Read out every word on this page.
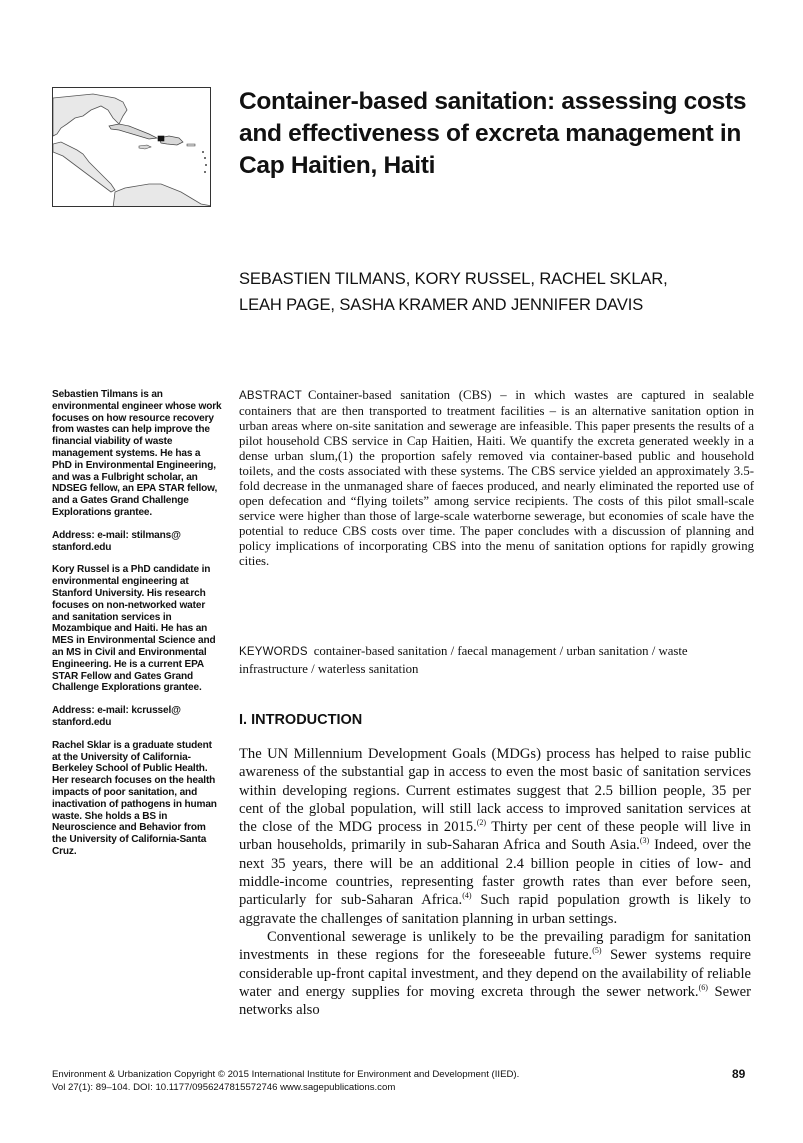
Container-based sanitation: assessing costs and effectiveness of excreta management in Cap Haitien, Haiti
SEBASTIEN TILMANS, KORY RUSSEL, RACHEL SKLAR,
LEAH PAGE, SASHA KRAMER AND JENNIFER DAVIS

Sebastien Tilmans is an environmental engineer whose work focuses on how resource recovery from wastes can help improve the financial viability of waste management systems. He has a PhD in Environmental Engineering, and was a Fulbright scholar, an NDSEG fellow, an EPA STAR fellow, and a Gates Grand Challenge Explorations grantee.

Address: e-mail: stilmans@ stanford.edu

Kory Russel is a PhD candidate in environmental engineering at Stanford University. His research focuses on non-networked water and sanitation services in Mozambique and Haiti. He has an MES in Environmental Science and an MS in Civil and Environmental Engineering. He is a current EPA STAR Fellow and Gates Grand Challenge Explorations grantee.

Address: e-mail: kcrussel@ stanford.edu

Rachel Sklar is a graduate student at the University of California-Berkeley School of Public Health. Her research focuses on the health impacts of poor sanitation, and inactivation of pathogens in human waste. She holds a BS in Neuroscience and Behavior from the University of California-Santa Cruz.

ABSTRACT Container-based sanitation (CBS) – in which wastes are captured in sealable containers that are then transported to treatment facilities – is an alternative sanitation option in urban areas where on-site sanitation and sewerage are infeasible. This paper presents the results of a pilot household CBS service in Cap Haitien, Haiti. We quantify the excreta generated weekly in a dense urban slum,(1) the proportion safely removed via container-based public and household toilets, and the costs associated with these systems. The CBS service yielded an approximately 3.5-fold decrease in the unmanaged share of faeces produced, and nearly eliminated the reported use of open defecation and “flying toilets” among service recipients. The costs of this pilot small-scale service were higher than those of large-scale waterborne sewerage, but economies of scale have the potential to reduce CBS costs over time. The paper concludes with a discussion of planning and policy implications of incorporating CBS into the menu of sanitation options for rapidly growing cities.
KEYWORDS container-based sanitation / faecal management / urban sanitation / waste infrastructure / waterless sanitation
I. INTRODUCTION

The UN Millennium Development Goals (MDGs) process has helped to raise public awareness of the substantial gap in access to even the most basic of sanitation services within developing regions. Current estimates suggest that 2.5 billion people, 35 per cent of the global population, will still lack access to improved sanitation services at the close of the MDG process in 2015.$^{(2)}$ Thirty per cent of these people will live in urban households, primarily in sub-Saharan Africa and South Asia.$^{(3)}$ Indeed, over the next 35 years, there will be an additional 2.4 billion people in cities of low- and middle-income countries, representing faster growth rates than ever before seen, particularly for sub-Saharan Africa.$^{(4)}$ Such rapid population growth is likely to aggravate the challenges of sanitation planning in urban settings.

Conventional sewerage is unlikely to be the prevailing paradigm for sanitation investments in these regions for the foreseeable future.$^{(5)}$ Sewer systems require considerable up-front capital investment, and they depend on the availability of reliable water and energy supplies for moving excreta through the sewer network.$^{(6)}$ Sewer networks also

Environment & Urbanization Copyright © 2015 International Institute for Environment and Development (IIED).
Vol 27(1): 89–104. DOI: 10.1177/0956247815572746 www.sagepublications.com
89
